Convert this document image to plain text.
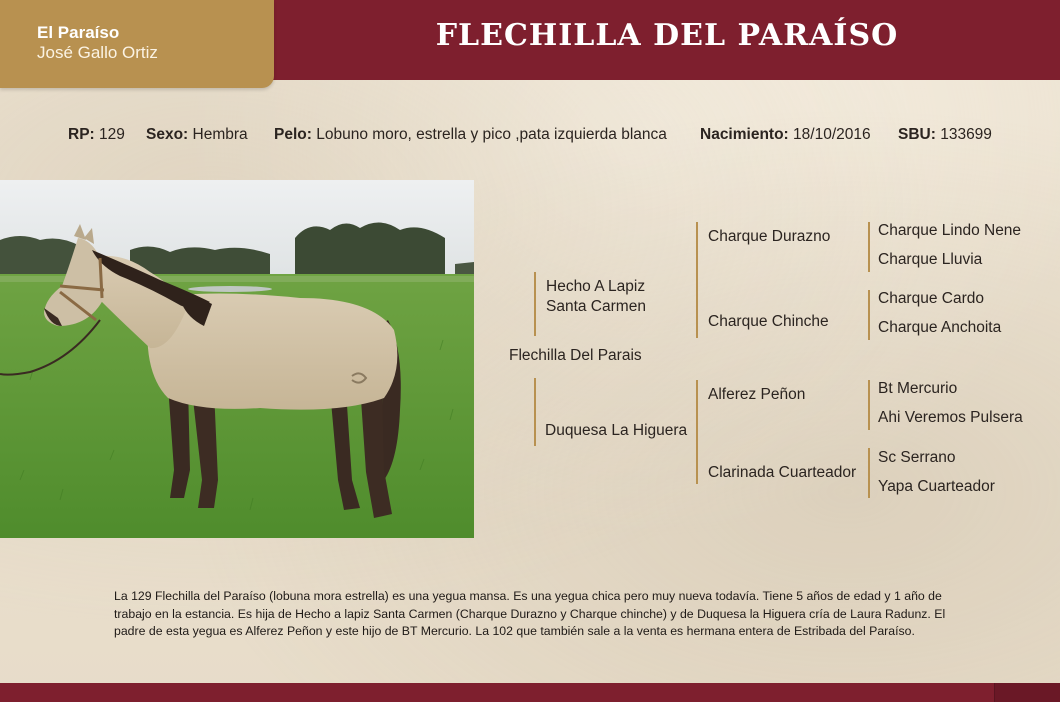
El Paraíso
José Gallo Ortiz	FLECHILLA DEL PARAÍSO
RP: 129 Sexo: Hembra Pelo: Lobuno moro, estrella y pico ,pata izquierda blanca Nacimiento: 18/10/2016 SBU: 133699
Flechilla Del Parais
Hecho A Lapiz
Santa Carmen
Duquesa La Higuera
Charque Durazno
Charque Chinche
Alferez Peñon
Clarinada Cuarteador
Charque Lindo Nene
Charque Lluvia
Charque Cardo
Charque Anchoita
Bt Mercurio
Ahi Veremos Pulsera
Sc Serrano
Yapa Cuarteador
La 129 Flechilla del Paraíso (lobuna mora estrella) es una yegua mansa. Es una yegua chica pero muy nueva todavía. Tiene 5 años de edad y 1 año de trabajo en la estancia. Es hija de Hecho a lapiz Santa Carmen (Charque Durazno y Charque chinche) y de Duquesa la Higuera cría de Laura Radunz. El padre de esta yegua es Alferez Peñon y este hijo de BT Mercurio. La 102 que también sale a la venta es hermana entera de Estribada del Paraíso.
